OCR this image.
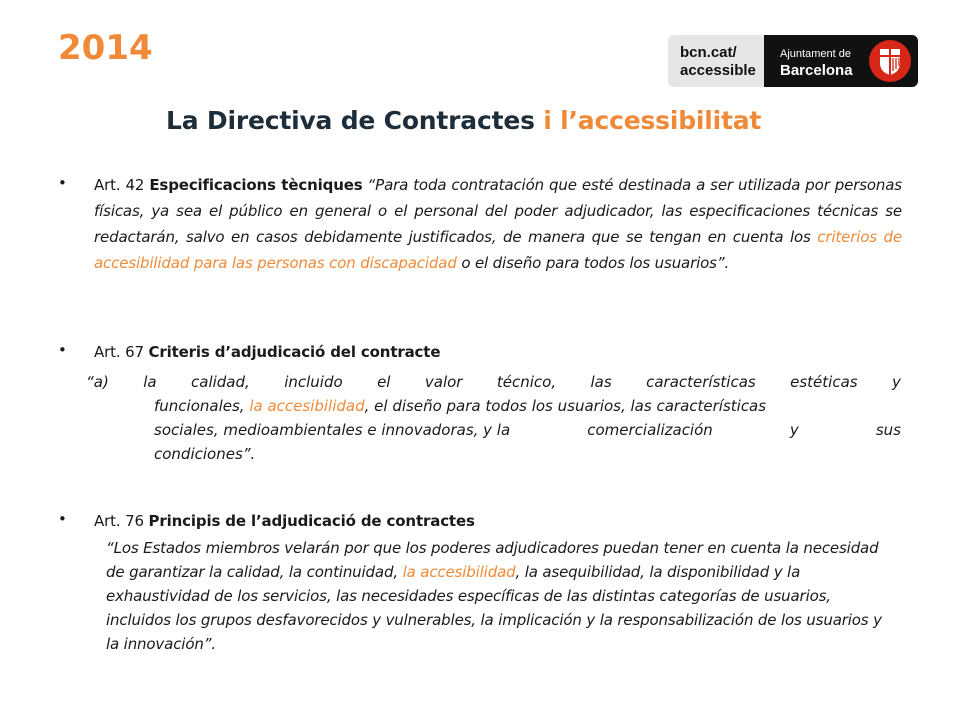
2014	bcn.cat/
accessible
Ajuntament de
Barcelona
La Directiva de Contractes i l’accessibilitat
• Art. 42 Especificacions tècniques “Para toda contratación que esté destinada a ser utilizada por personas físicas, ya sea el público en general o el personal del poder adjudicador, las especificaciones técnicas se redactarán, salvo en casos debidamente justificados, de manera que se tengan en cuenta los criterios de accesibilidad para las personas con discapacidad o el diseño para todos los usuarios”.

• Art. 67 Criteris d’adjudicació del contracte

“a) la calidad, incluido el valor técnico, las características estéticas y
funcionales, la accesibilidad, el diseño para todos los usuarios, las características
sociales, medioambientales e innovadoras, y la	comercialización	y	sus
condiciones”.
• Art. 76 Principis de l’adjudicació de contractes

“Los Estados miembros velarán por que los poderes adjudicadores puedan tener en cuenta la necesidad de garantizar la calidad, la continuidad, la accesibilidad, la asequibilidad, la disponibilidad y la exhaustividad de los servicios, las necesidades específicas de las distintas categorías de usuarios, incluidos los grupos desfavorecidos y vulnerables, la implicación y la responsabilización de los usuarios y la innovación”.
